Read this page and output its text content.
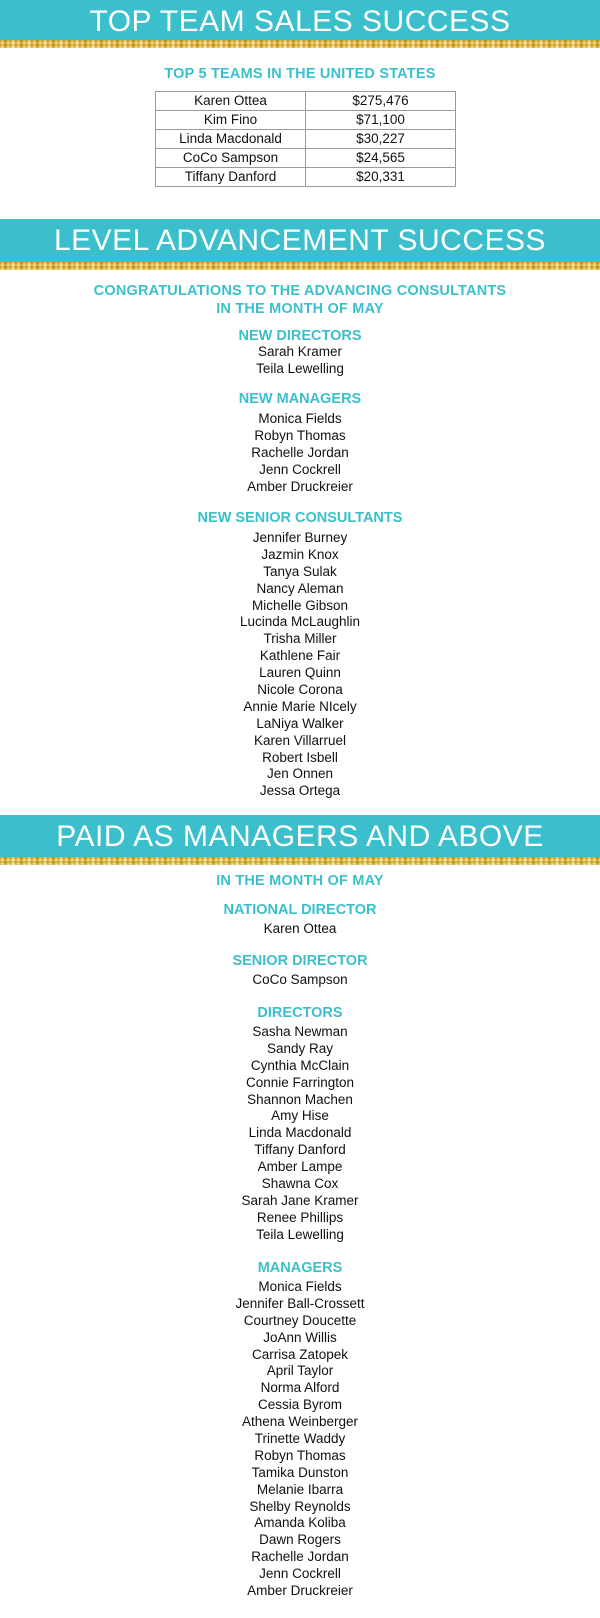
TOP TEAM SALES SUCCESS
TOP 5 TEAMS IN THE UNITED STATES
Karen Ottea	$275,476
Kim Fino	$71,100
Linda Macdonald	$30,227
CoCo Sampson	$24,565
Tiffany Danford	$20,331
LEVEL ADVANCEMENT SUCCESS
CONGRATULATIONS TO THE ADVANCING CONSULTANTS
IN THE MONTH OF MAY
NEW DIRECTORS
Sarah Kramer
Teila Lewelling
NEW MANAGERS
Monica Fields
Robyn Thomas
Rachelle Jordan
Jenn Cockrell
Amber Druckreier
NEW SENIOR CONSULTANTS
Jennifer Burney
Jazmin Knox
Tanya Sulak
Nancy Aleman
Michelle Gibson
Lucinda McLaughlin
Trisha Miller
Kathlene Fair
Lauren Quinn
Nicole Corona
Annie Marie NIcely
LaNiya Walker
Karen Villarruel
Robert Isbell
Jen Onnen
Jessa Ortega
PAID AS MANAGERS AND ABOVE
IN THE MONTH OF MAY
NATIONAL DIRECTOR
Karen Ottea
SENIOR DIRECTOR
CoCo Sampson
DIRECTORS
Sasha Newman
Sandy Ray
Cynthia McClain
Connie Farrington
Shannon Machen
Amy Hise
Linda Macdonald
Tiffany Danford
Amber Lampe
Shawna Cox
Sarah Jane Kramer
Renee Phillips
Teila Lewelling
MANAGERS
Monica Fields
Jennifer Ball-Crossett
Courtney Doucette
JoAnn Willis
Carrisa Zatopek
April Taylor
Norma Alford
Cessia Byrom
Athena Weinberger
Trinette Waddy
Robyn Thomas
Tamika Dunston
Melanie Ibarra
Shelby Reynolds
Amanda Koliba
Dawn Rogers
Rachelle Jordan
Jenn Cockrell
Amber Druckreier
